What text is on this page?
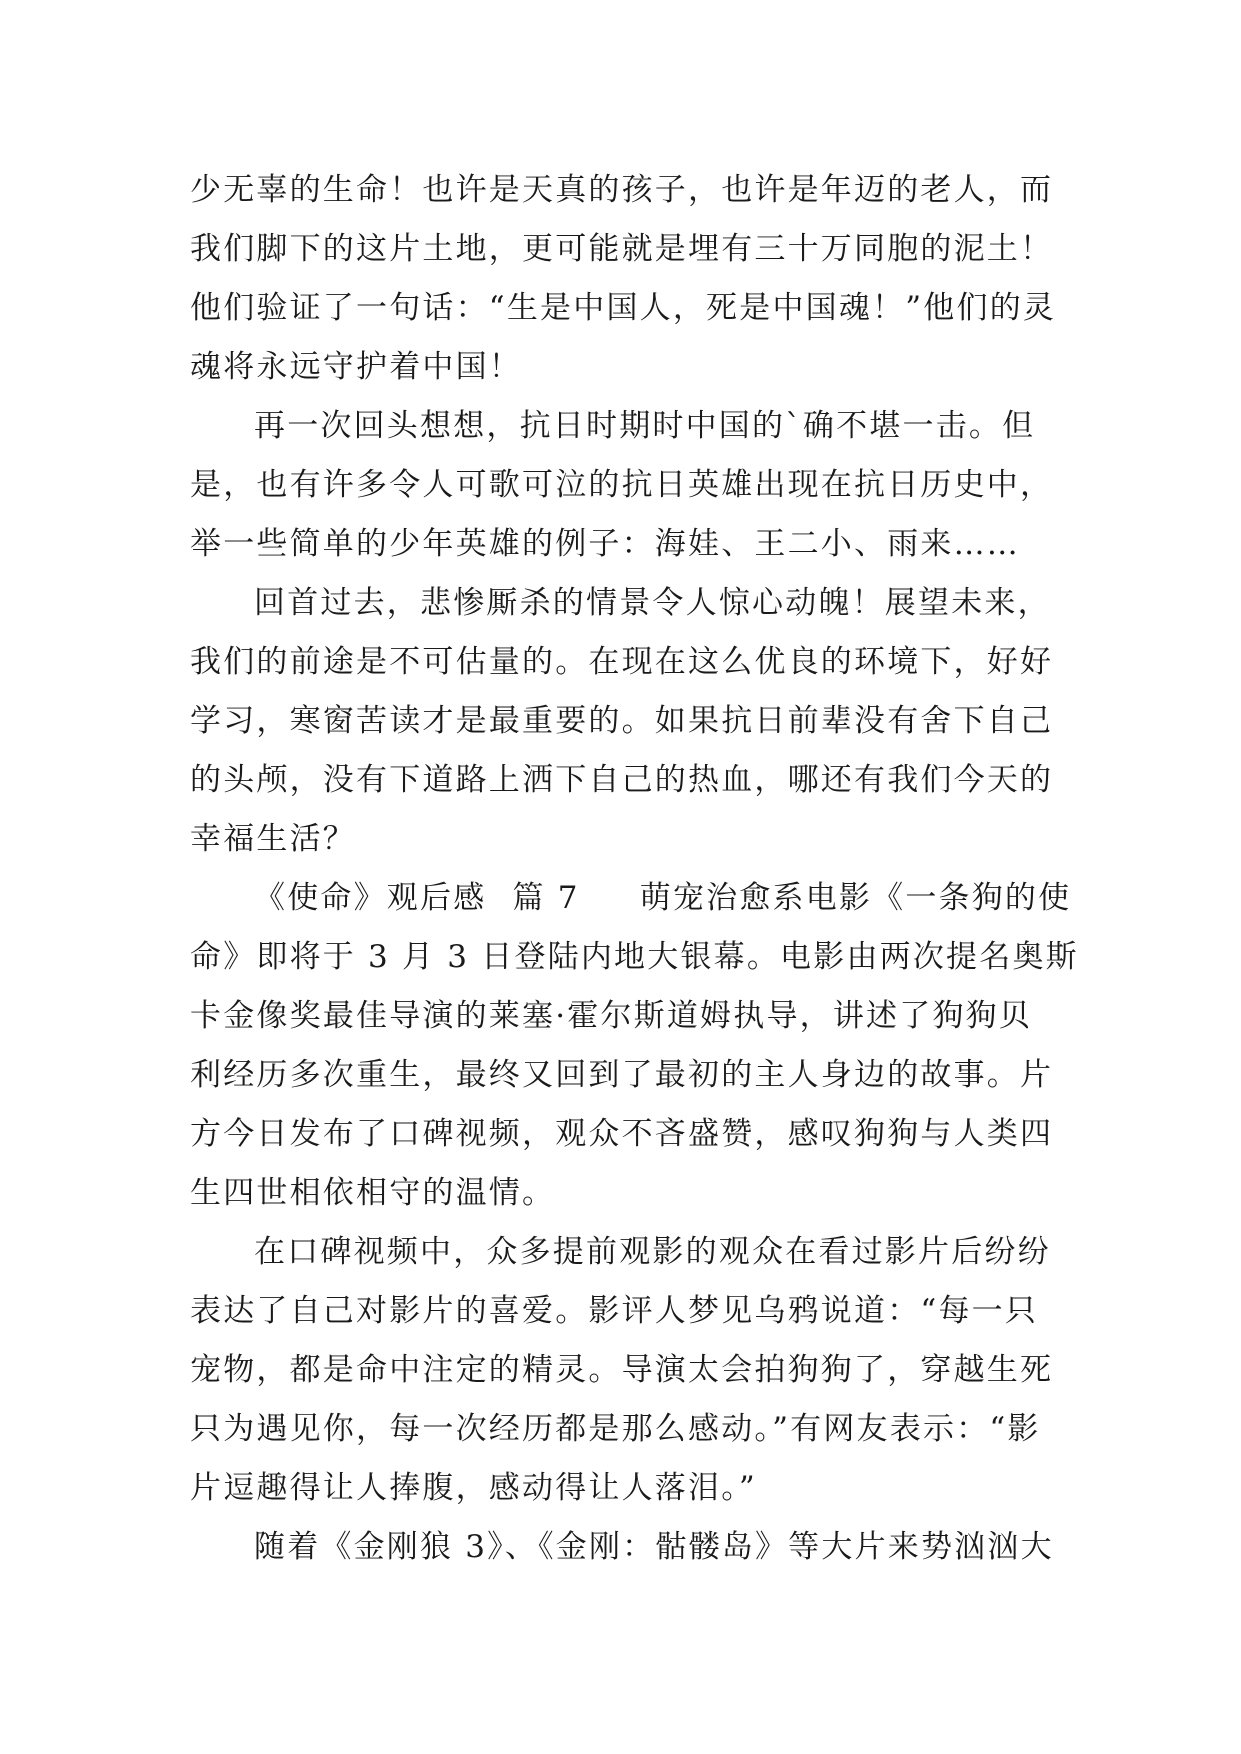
少无辜的生命！也许是天真的孩子，也许是年迈的老人，而
我们脚下的这片土地，更可能就是埋有三十万同胞的泥土！
他们验证了一句话：“生是中国人，死是中国魂！”他们的灵
魂将永远守护着中国！
再一次回头想想，抗日时期时中国的`确不堪一击。但
是，也有许多令人可歌可泣的抗日英雄出现在抗日历史中，
举一些简单的少年英雄的例子：海娃、王二小、雨来……
回首过去，悲惨厮杀的情景令人惊心动魄！展望未来，
我们的前途是不可估量的。在现在这么优良的环境下，好好
学习，寒窗苦读才是最重要的。如果抗日前辈没有舍下自己
的头颅，没有下道路上洒下自己的热血，哪还有我们今天的
幸福生活？
《使命》观后感 篇 7 萌宠治愈系电影《一条狗的使
命》即将于 3 月 3 日登陆内地大银幕。电影由两次提名奥斯
卡金像奖最佳导演的莱塞·霍尔斯道姆执导，讲述了狗狗贝
利经历多次重生，最终又回到了最初的主人身边的故事。片
方今日发布了口碑视频，观众不吝盛赞，感叹狗狗与人类四
生四世相依相守的温情。
在口碑视频中，众多提前观影的观众在看过影片后纷纷
表达了自己对影片的喜爱。影评人梦见乌鸦说道：“每一只
宠物，都是命中注定的精灵。导演太会拍狗狗了，穿越生死
只为遇见你，每一次经历都是那么感动。”有网友表示：“影
片逗趣得让人捧腹，感动得让人落泪。”
随着《金刚狼 3》、《金刚：骷髅岛》等大片来势汹汹大
